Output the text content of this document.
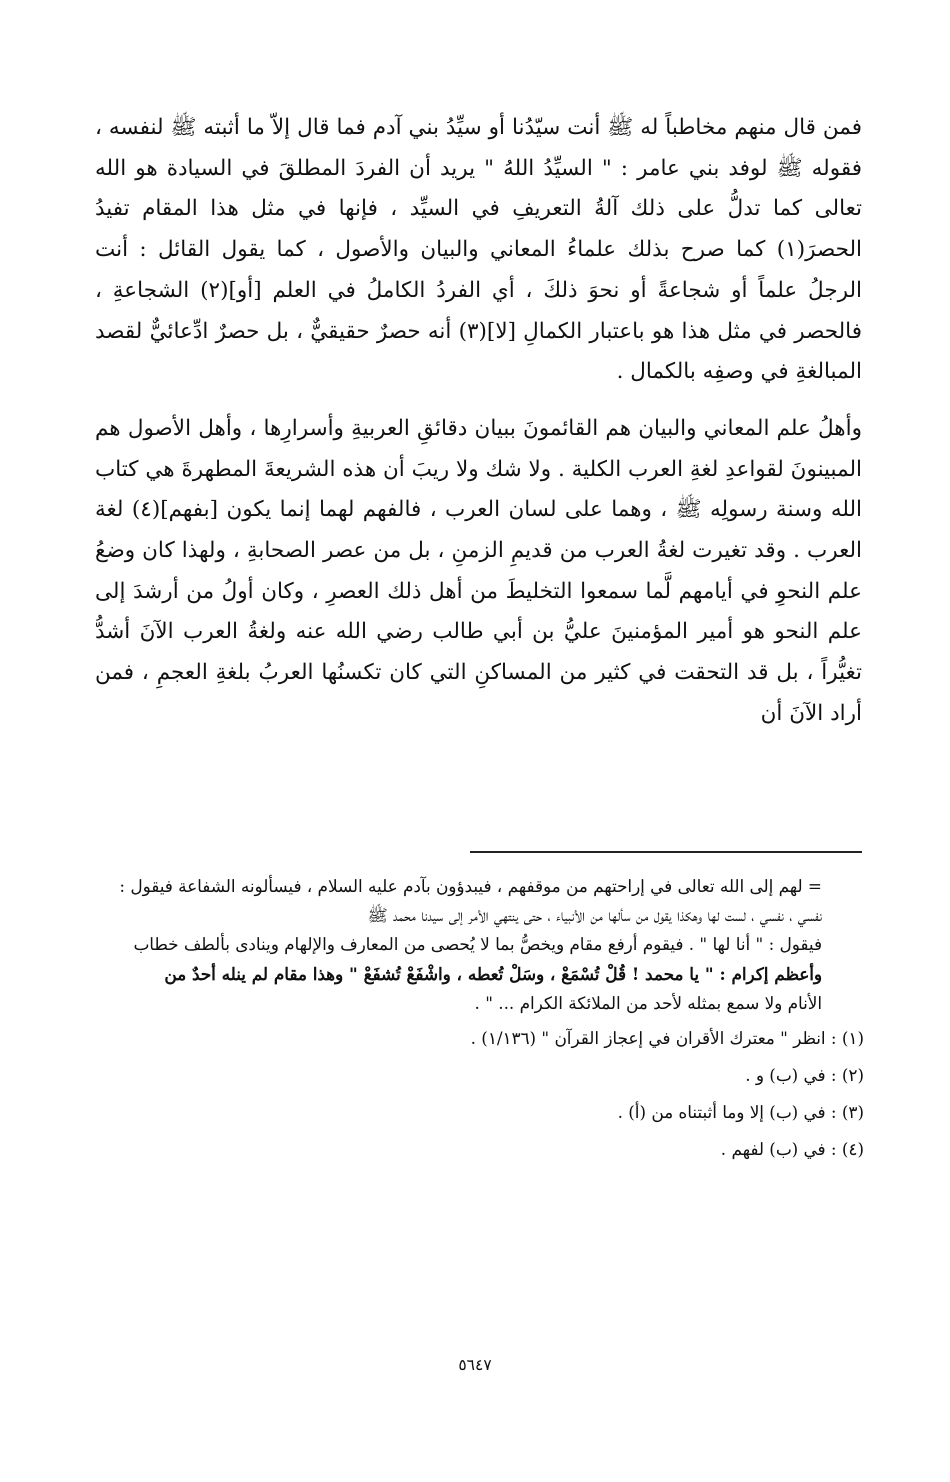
فمن قال منهم مخاطباً له ﷺ أنت سيّدُنا أو سيِّدُ بني آدم فما قال إلاّ ما أثبته ﷺ لنفسه ، فقوله ﷺ لوفد بني عامر : " السيِّدُ اللهُ " يريد أن الفردَ المطلقَ في السيادة هو الله تعالى كما تدلُّ على ذلك آلةُ التعريفِ في السيِّد ، فإنها في مثل هذا المقام تفيدُ الحصرَ(١) كما صرح بذلك علماءُ المعاني والبيان والأصول ، كما يقول القائل : أنت الرجلُ علماً أو شجاعةً أو نحوَ ذلكَ ، أي الفردُ الكاملُ في العلم [أو](٢) الشجاعةِ ، فالحصر في مثل هذا هو باعتبار الكمالِ [لا](٣) أنه حصرٌ حقيقيٌّ ، بل حصرٌ ادِّعائيٌّ لقصد المبالغةِ في وصفِه بالكمال .

وأهلُ علم المعاني والبيان هم القائمونَ ببيان دقائقِ العربيةِ وأسرارِها ، وأهل الأصول هم المبينونَ لقواعدِ لغةِ العرب الكلية . ولا شك ولا ريبَ أن هذه الشريعةَ المطهرةَ هي كتاب الله وسنة رسولِه ﷺ ، وهما على لسان العرب ، فالفهم لهما إنما يكون [بفهم](٤) لغة العرب . وقد تغيرت لغةُ العرب من قديمِ الزمنِ ، بل من عصر الصحابةِ ، ولهذا كان وضعُ علم النحوِ في أيامهم لَّما سمعوا التخليطَ من أهل ذلك العصرِ ، وكان أولُ من أرشدَ إلى علم النحو هو أمير المؤمنينَ عليُّ بن أبي طالب رضي الله عنه ولغةُ العرب الآنَ أشدُّ تغيُّراً ، بل قد التحقت في كثير من المساكنِ التي كان تكسنُها العربُ بلغةِ العجمِ ، فمن أراد الآنَ أن

= لهم إلى الله تعالى في إراحتهم من موقفهم ، فيبدؤون بآدم عليه السلام ، فيسألونه الشفاعة فيقول :

نفسي ، نفسي ، لست لها وهكذا يقول من سألها من الأنبياء ، حتى ينتهي الأمر إلى سيدنا محمد ﷺ

فيقول : " أنا لها " . فيقوم أرفع مقام ويخصُّ بما لا يُحصى من المعارف والإلهام وينادى بألطف خطاب

وأعظم إكرام : " يا محمد ! قُلْ تُسْمَعْ ، وسَلْ تُعطه ، واشْفَعْ تُشفَعْ " وهذا مقام لم ينله أحدٌ من

الأنام ولا سمع بمثله لأحد من الملائكة الكرام ... " .

(١) : انظر " معترك الأقران في إعجاز القرآن " (١/١٣٦) .

(٢) : في (ب) و .

(٣) : في (ب) إلا وما أثبتناه من (أ) .

(٤) : في (ب) لفهم .

٥٦٤٧
